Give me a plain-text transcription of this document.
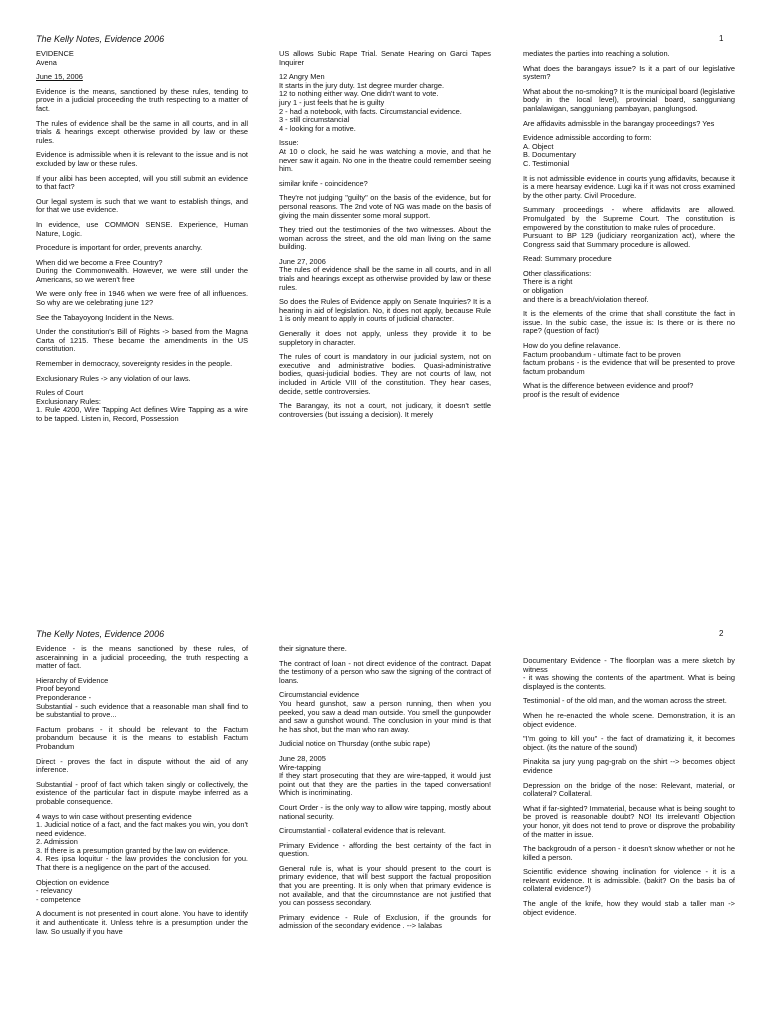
The Kelly Notes, Evidence 2006	1

EVIDENCE
Avena

June 15, 2006

Evidence is the means, sanctioned by these rules, tending to prove in a judicial proceeding the truth respecting to a matter of fact.

The rules of evidence shall be the same in all courts, and in all trials & hearings except otherwise provided by law or these rules.

Evidence is admissible when it is relevant to the issue and is not excluded by law or these rules.

If your alibi has been accepted, will you still submit an evidence to that fact?

Our legal system is such that we want to establish things, and for that we use evidence.

In evidence, use COMMON SENSE. Experience, Human Nature, Logic.

Procedure is important for order, prevents anarchy.

When did we become a Free Country?
During the Commonwealth. However, we were still under the Americans, so we weren't free

We were only free in 1946 when we were free of all influences. So why are we celebrating june 12?

See the Tabayoyong Incident in the News.

Under the constitution's Bill of Rights -> based from the Magna Carta of 1215. These became the amendments in the US constitution.

Remember in democracy, sovereignty resides in the people.

Exclusionary Rules -> any violation of our laws.

Rules of Court
Exclusionary Rules:
1. Rule 4200, Wire Tapping Act defines Wire Tapping as a wire to be tapped. Listen in, Record, Possession

US allows Subic Rape Trial. Senate Hearing on Garci Tapes Inquirer

12 Angry Men
It starts in the jury duty. 1st degree murder charge.
12 to nothing either way. One didn't want to vote.
jury 1 - just feels that he is guilty
2 - had a notebook, with facts. Circumstancial evidence.
3 - still circumstancial
4 - looking for a motive.

Issue:
At 10 o clock, he said he was watching a movie, and that he never saw it again. No one in the theatre could remember seeing him.

similar knife - coincidence?

They're not judging "guilty" on the basis of the evidence, but for personal reasons. The 2nd vote of NG was made on the basis of giving the main dissenter some moral support.

They tried out the testimonies of the two witnesses. About the woman across the street, and the old man living on the same building.

June 27, 2006
The rules of evidence shall be the same in all courts, and in all trials and hearings except as otherwise provided by law or these rules.

So does the Rules of Evidence apply on Senate Inquiries? It is a hearing in aid of legislation. No, it does not apply, because Rule 1 is only meant to apply in courts of judicial character.

Generally it does not apply, unless they provide it to be suppletory in character.

The rules of court is mandatory in our judicial system, not on executive and administrative bodies. Quasi-administrative bodies, quasi-judicial bodies. They are not courts of law, not included in Article VIII of the constitution. They hear cases, decide, settle controversies.

The Barangay, its not a court, not judicary, it doesn't settle controversies (but issuing a decision). It merely

mediates the parties into reaching a solution.

What does the barangays issue? Is it a part of our legislative system?

What about the no-smoking? It is the municipal board (legislative body in the local level), provincial board, sangguniang panlalawigan, sangguniang pambayan, panglungsod.

Are affidavits admissble in the barangay proceedings? Yes

Evidence admissible according to form:
A. Object
B. Documentary
C. Testimonial

It is not admissible evidence in courts yung affidavits, because it is a mere hearsay evidence. Lugi ka if it was not cross examined by the other party. Civil Procedure.

Summary proceedings - where affidavits are allowed. Promulgated by the Supreme Court. The constitution is empowered by the constitution to make rules of procedure.
Pursuant to BP 129 (judiciary reorganization act), where the Congress said that Summary procedure is allowed.

Read: Summary procedure

Other classifications:
There is a right
or obligation
and there is a breach/violation thereof.

It is the elements of the crime that shall constitute the fact in issue. In the subic case, the issue is: Is there or is there no rape? (question of fact)

How do you define relavance.
Factum proobandum - ultimate fact to be proven
factum probans - is the evidence that will be presented to prove factum probandum

What is the difference between evidence and proof?
proof is the result of evidence

The Kelly Notes, Evidence 2006	2

Evidence - is the means sanctioned by these rules, of ascerainning in a judicial proceeding, the truth respecting a matter of fact.

Hierarchy of Evidence
Proof beyond
Preponderance -
Substantial - such evidence that a reasonable man shall find to be substantial to prove...

Factum probans - it should be relevant to the Factum probandum because it is the means to establish Factum Probandum

Direct - proves the fact in dispute without the aid of any inference.

Substantial - proof of fact which taken singly or collectively, the existence of the particular fact in dispute maybe inferred as a probable consequence.

4 ways to win case without presenting evidence
1. Judicial notice of a fact, and the fact makes you win, you don't need evidence.
2. Admission
3. If there is a presumption granted by the law on evidence.
4. Res ipsa loquitur - the law provides the conclusion for you. That there is a negligence on the part of the accused.

Objection on evidence
- relevancy
- competence

A document is not presented in court alone. You have to identify it and authenticate it. Unless tehre is a presumption under the law. So usually if you have

their signature there.

The contract of loan - not direct evidence of the contract. Dapat the testimony of a person who saw the signing of the contract of loans.

Circumstancial evidence
You heard gunshot, saw a person running, then when you peeked, you saw a dead man outside. You smell the gunpowder and saw a gunshot wound. The conclusion in your mind is that he has shot, but the man who ran away.

Judicial notice on Thursday (onthe subic rape)

June 28, 2005
Wire-tapping
If they start prosecuting that they are wire-tapped, it would just point out that they are the parties in the taped conversation! Which is incriminating.

Court Order - is the only way to allow wire tapping, mostly about national security.

Circumstantial - collateral evidence that is relevant.

Primary Evidence - affording the best certainty of the fact in question.

General rule is, what is your should present to the court is primary evidence, that will best support the factual proposition that you are preenting. It is only when that primary evidence is not available, and that the circumnstance are not justified that you can possess secondary.

Primary evidence - Rule of Exclusion, if the grounds for admission of the secondary evidence . --> Ialabas

Documentary Evidence - The floorplan was a mere sketch by witness
- it was showing the contents of the apartment. What is being displayed is the contents.

Testimonial - of the old man, and the woman across the street.

When he re-enacted the whole scene. Demonstration, it is an object evidence.

"I'm going to kill you" - the fact of dramatizing it, it becomes object. (its the nature of the sound)

Pinakita sa jury yung pag-grab on the shirt --> becomes object evidence

Depression on the bridge of the nose: Relevant, material, or collateral? Collateral.

What if far-sighted? Immaterial, because what is being sought to be proved is reasonable doubt? NO! Its irrelevant! Objection your honor, yit does not tend to prove or disprove the probability of the matter in issue.

The backgroudn of a person - it doesn't sknow whether or not he killed a person.

Scientific evidence showing inclination for violence - it is a relevant evidence. It is admissible. (bakit? On the basis ba of collateral evidence?)

The angle of the knife, how they would stab a taller man -> object evidence.
